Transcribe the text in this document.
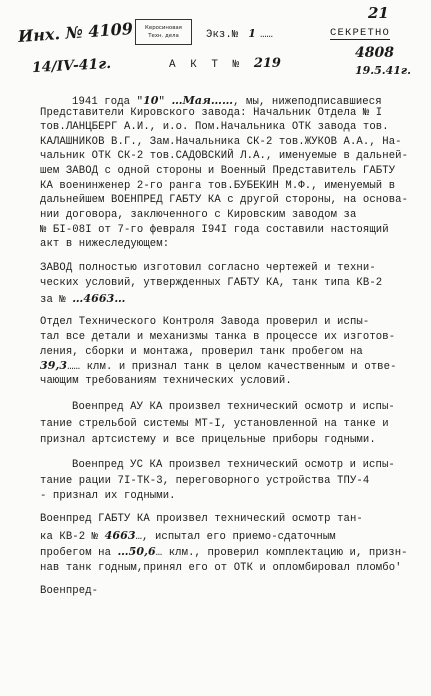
Инх. № 4109
14/IV-41г.
Керосиновая
Техн. дела	Экз.№ 1 ……
21
СЕКРЕТНО
4808
19.5.41г.
А К Т № 219
1941 года "10" …Мая……, мы, нижеподписавшиеся
Представители Кировского завода: Начальник Отдела № I
тов.ЛАНЦБЕРГ А.И., и.о. Пом.Начальника ОТК завода тов.
КАЛАШНИКОВ В.Г., Зам.Начальника СК-2 тов.ЖУКОВ А.А., На-
чальник ОТК СК-2 тов.САДОВСКИЙ Л.А., именуемые в дальней-
шем ЗАВОД с одной стороны и Военный Представитель ГАБТУ
КА военинженер 2-го ранга тов.БУБЕКИН М.Ф., именуемый в
дальнейшем ВОЕНПРЕД ГАБТУ КА с другой стороны, на основа-
нии договора, заключенного с Кировским заводом за
№ БI-08I от 7-го февраля I94I года составили настоящий
акт в нижеследующем:
ЗАВОД полностью изготовил согласно чертежей и техни-
ческих условий, утвержденных ГАБТУ КА, танк типа КВ-2
за № …4663…
Отдел Технического Контроля Завода проверил и испы-
тал все детали и механизмы танка в процессе их изготов-
ления, сборки и монтажа, проверил танк пробегом на
39,3…… клм. и признал танк в целом качественным и отве-
чающим требованиям технических условий.
Военпред АУ КА произвел технический осмотр и испы-
тание стрельбой системы МТ-I, установленной на танке и
признал артсистему и все прицельные приборы годными.
Военпред УС КА произвел технический осмотр и испы-
тание рации 7I-ТК-3, переговорного устройства ТПУ-4
- признал их годными.
Военпред ГАБТУ КА произвел технический осмотр тан-
ка КВ-2 № 4663…, испытал его приемо-сдаточным
пробегом на …50,6… клм., проверил комплектацию и, призн-
нав танк годным,принял его от ОТК и опломбировал пломбо'
Военпред-
